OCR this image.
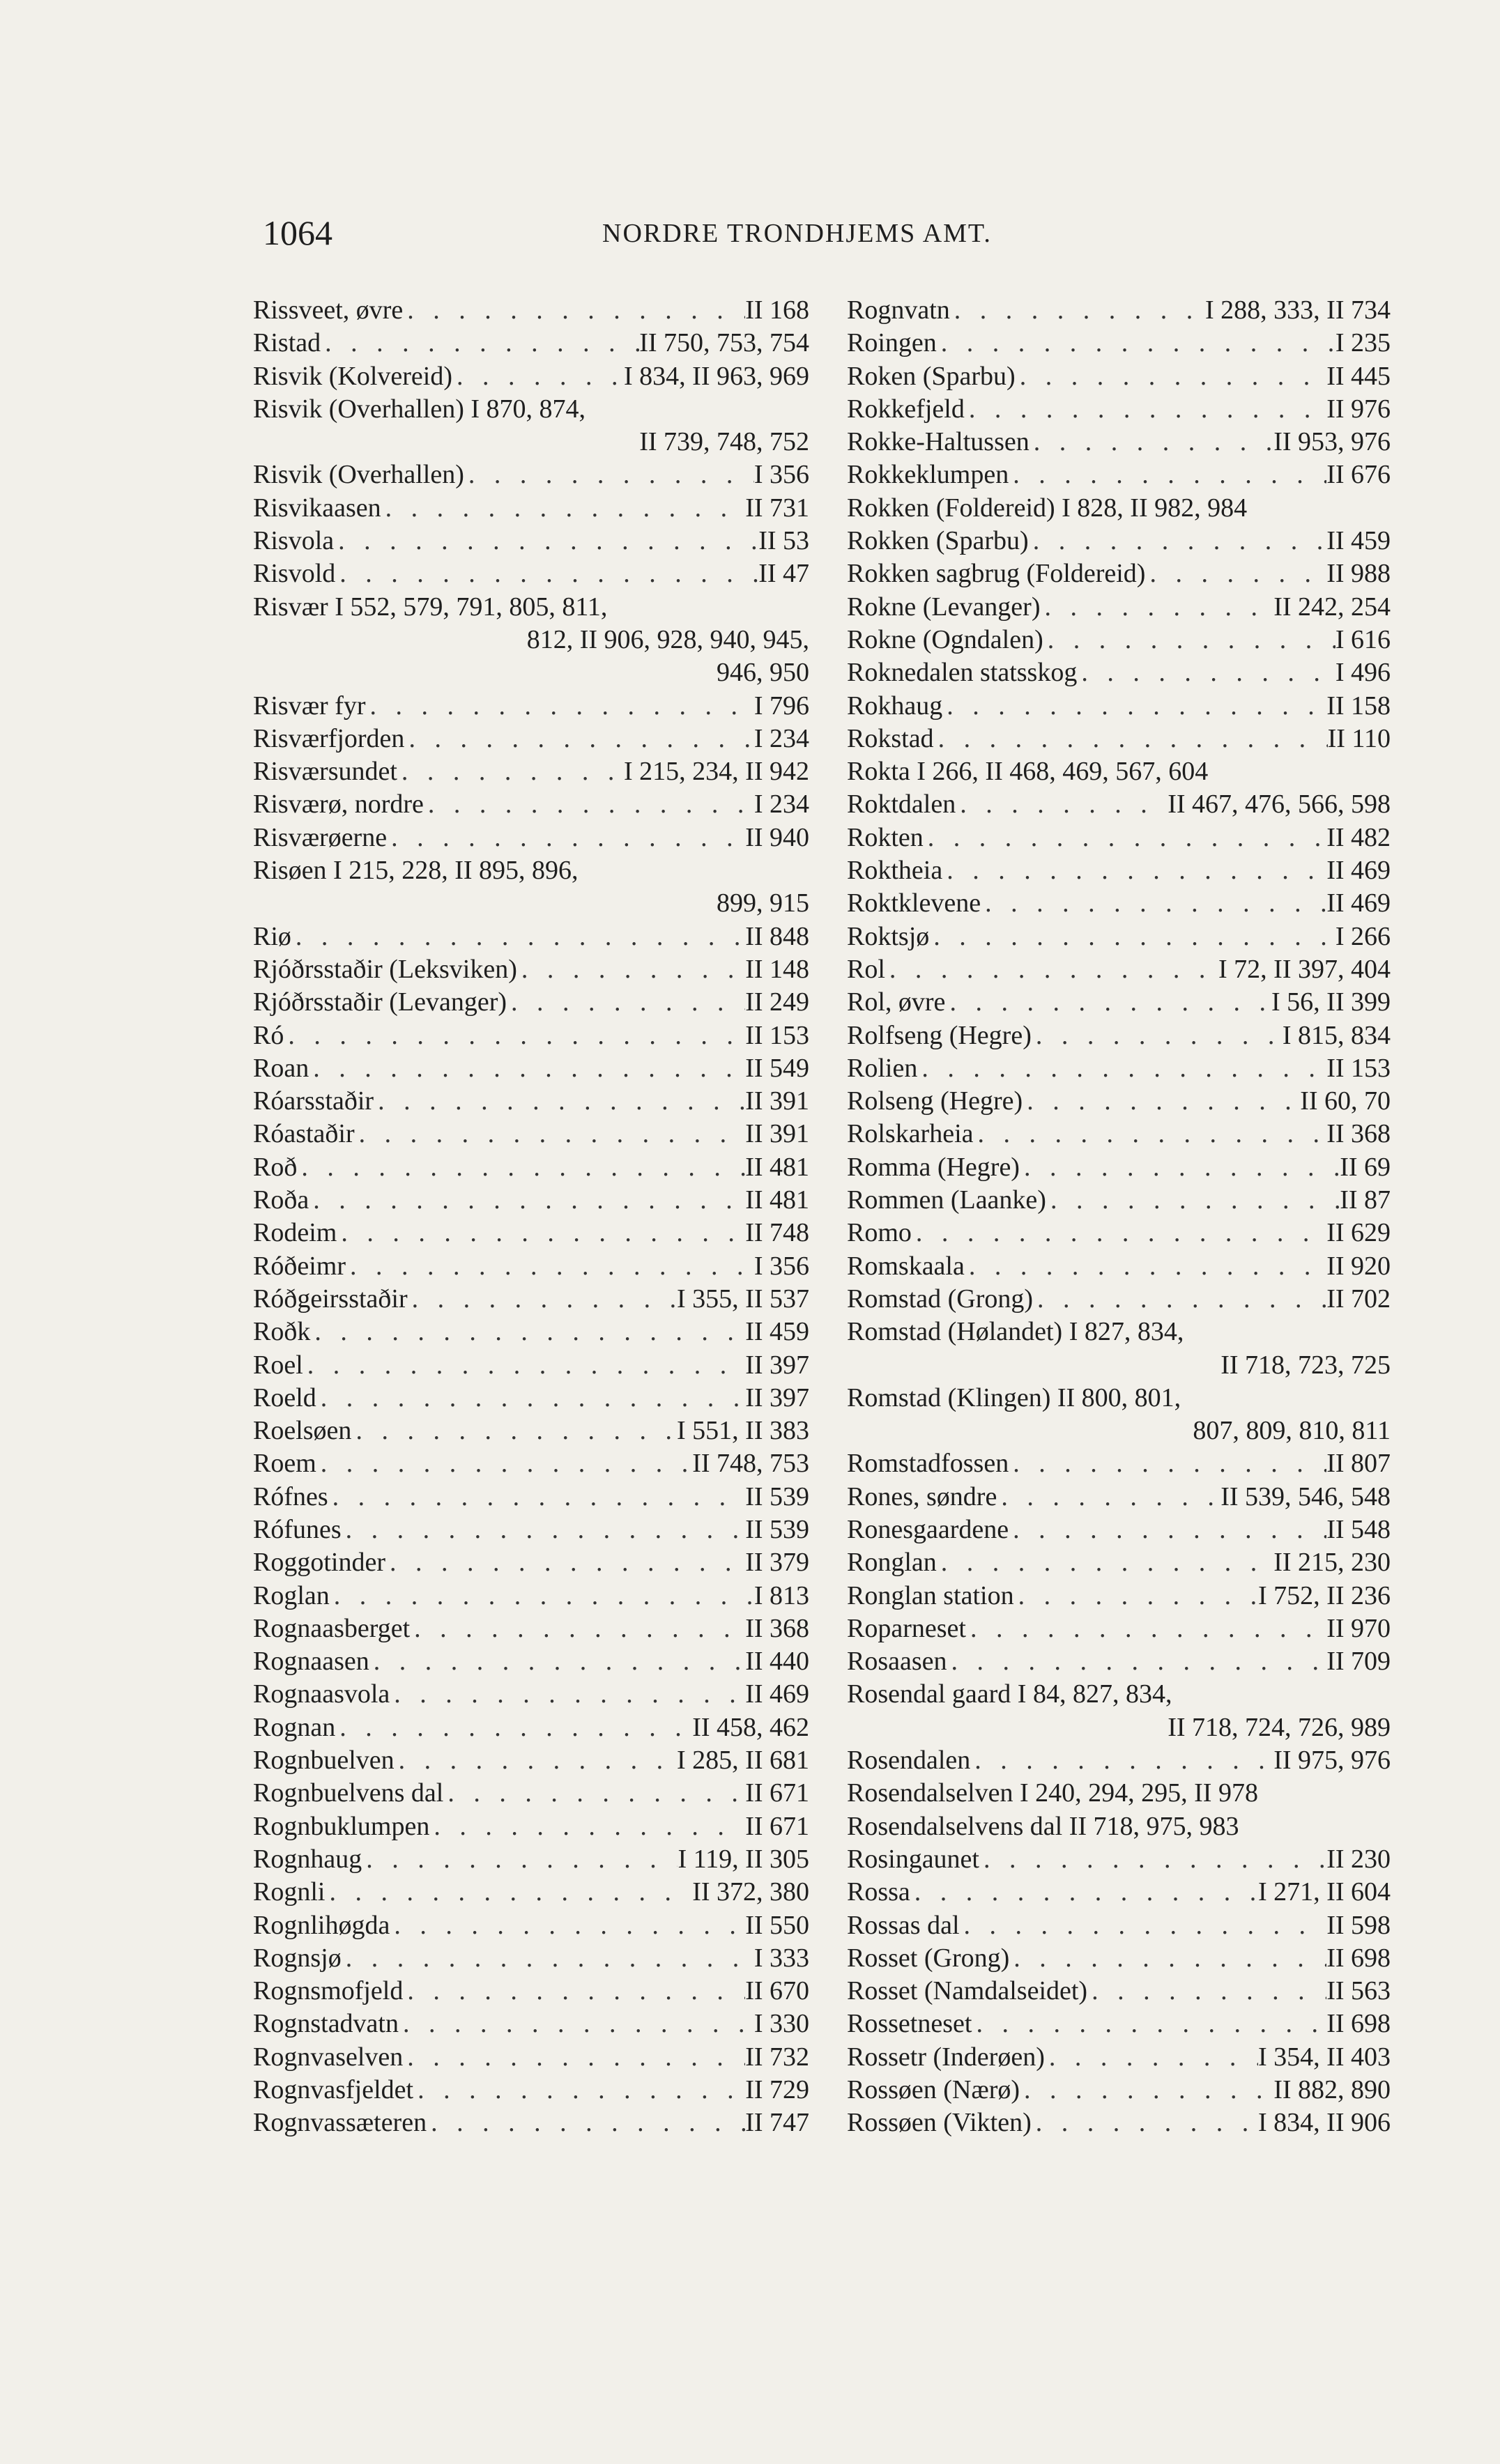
1064	NORDRE TRONDHJEMS AMT.
Rissveet, øvre . . .	II 168
Ristad . . .	II 750, 753, 754
Risvik (Kolvereid) . . .	I 834, II 963, 969
Risvik (Overhallen) I 870, 874,
II 739, 748, 752
Risvik (Overhallen) . . .	I 356
Risvikaasen . . .	II 731
Risvola . . .	II 53
Risvold . . .	II 47
Risvær I 552, 579, 791, 805, 811,
812, II 906, 928, 940, 945,
946, 950
Risvær fyr . . .	I 796
Risværfjorden . . .	I 234
Risværsundet . . .	I 215, 234, II 942
Risværø, nordre . . .	I 234
Risværøerne . . .	II 940
Risøen I 215, 228, II 895, 896,
899, 915
Riø . . .	II 848
Rjóðrsstaðir (Leksviken) . . .	II 148
Rjóðrsstaðir (Levanger) . . .	II 249
Ró . . .	II 153
Roan . . .	II 549
Róarsstaðir . . .	II 391
Róastaðir . . .	II 391
Roð . . .	II 481
Roða . . .	II 481
Rodeim . . .	II 748
Róðeimr . . .	I 356
Róðgeirsstaðir . . .	I 355, II 537
Roðk . . .	II 459
Roel . . .	II 397
Roeld . . .	II 397
Roelsøen . . .	I 551, II 383
Roem . . .	II 748, 753
Rófnes . . .	II 539
Rófunes . . .	II 539
Roggotinder . . .	II 379
Roglan . . .	I 813
Rognaasberget . . .	II 368
Rognaasen . . .	II 440
Rognaasvola . . .	II 469
Rognan . . .	II 458, 462
Rognbuelven . . .	I 285, II 681
Rognbuelvens dal . . .	II 671
Rognbuklumpen . . .	II 671
Rognhaug . . .	I 119, II 305
Rognli . . .	II 372, 380
Rognlihøgda . . .	II 550
Rognsjø . . .	I 333
Rognsmofjeld . . .	II 670
Rognstadvatn . . .	I 330
Rognvaselven . . .	II 732
Rognvasfjeldet . . .	II 729
Rognvassæteren . . .	II 747
Rognvatn . . .	I 288, 333, II 734
Roingen . . .	I 235
Roken (Sparbu) . . .	II 445
Rokkefjeld . . .	II 976
Rokke-Haltussen . . .	II 953, 976
Rokkeklumpen . . .	II 676
Rokken (Foldereid) I 828, II 982, 984
Rokken (Sparbu) . . .	II 459
Rokken sagbrug (Foldereid) . . .	II 988
Rokne (Levanger) . . .	II 242, 254
Rokne (Ogndalen) . . .	I 616
Roknedalen statsskog . . .	I 496
Rokhaug . . .	II 158
Rokstad . . .	II 110
Rokta I 266, II 468, 469, 567, 604
Roktdalen . . .	II 467, 476, 566, 598
Rokten . . .	II 482
Roktheia . . .	II 469
Roktklevene . . .	II 469
Roktsjø . . .	I 266
Rol . . .	I 72, II 397, 404
Rol, øvre . . .	I 56, II 399
Rolfseng (Hegre) . . .	I 815, 834
Rolien . . .	II 153
Rolseng (Hegre) . . .	II 60, 70
Rolskarheia . . .	II 368
Romma (Hegre) . . .	II 69
Rommen (Laanke) . . .	II 87
Romo . . .	II 629
Romskaala . . .	II 920
Romstad (Grong) . . .	II 702
Romstad (Hølandet) I 827, 834,
II 718, 723, 725
Romstad (Klingen) II 800, 801,
807, 809, 810, 811
Romstadfossen . . .	II 807
Rones, søndre . . .	II 539, 546, 548
Ronesgaardene . . .	II 548
Ronglan . . .	II 215, 230
Ronglan station . . .	I 752, II 236
Roparneset . . .	II 970
Rosaasen . . .	II 709
Rosendal gaard I 84, 827, 834,
II 718, 724, 726, 989
Rosendalen . . .	II 975, 976
Rosendalselven I 240, 294, 295, II 978
Rosendalselvens dal II 718, 975, 983
Rosingaunet . . .	II 230
Rossa . . .	I 271, II 604
Rossas dal . . .	II 598
Rosset (Grong) . . .	II 698
Rosset (Namdalseidet) . . .	II 563
Rossetneset . . .	II 698
Rossetr (Inderøen) . . .	I 354, II 403
Rossøen (Nærø) . . .	II 882, 890
Rossøen (Vikten) . . .	I 834, II 906
